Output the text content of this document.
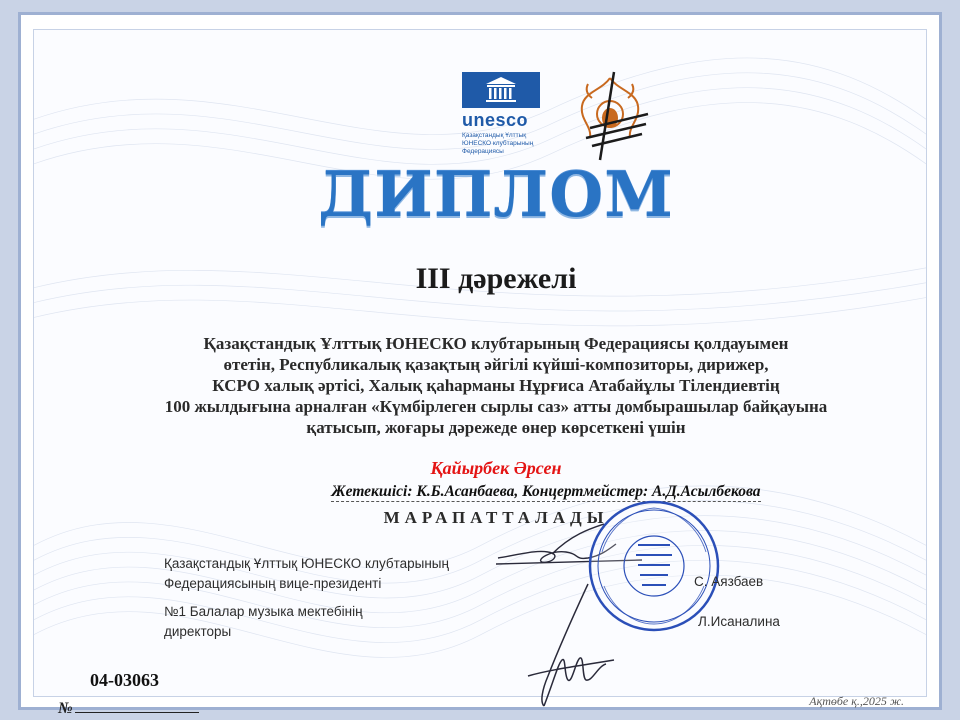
unesco
Қазақстандық Ұлттық
ЮНЕСКО клубтарының
Федерациясы
ДИПЛОМ
ІІІ дәрежелі
Қазақстандық Ұлттық ЮНЕСКО клубтарының Федерациясы қолдауымен
өтетін, Республикалық қазақтың әйгілі күйші-композиторы, дирижер,
КСРО халық әртісі, Халық қаһарманы Нұрғиса Атабайұлы Тілендиевтің
100 жылдығына арналған «Күмбірлеген сырлы саз» атты домбырашылар байқауына
қатысып, жоғары дәрежеде өнер көрсеткені үшін
Қайырбек Әрсен
Жетекшісі: К.Б.Асанбаева, Концертмейстер: А.Д.Асылбекова
МАРАПАТТАЛАДЫ
Қазақстандық Ұлттық ЮНЕСКО клубтарының
Федерациясының вице-президенті	С. Аязбаев
№1 Балалар музыка мектебінің
директоры
Л.Исаналина
04-03063
№	Ақтөбе қ.,2025 ж.
